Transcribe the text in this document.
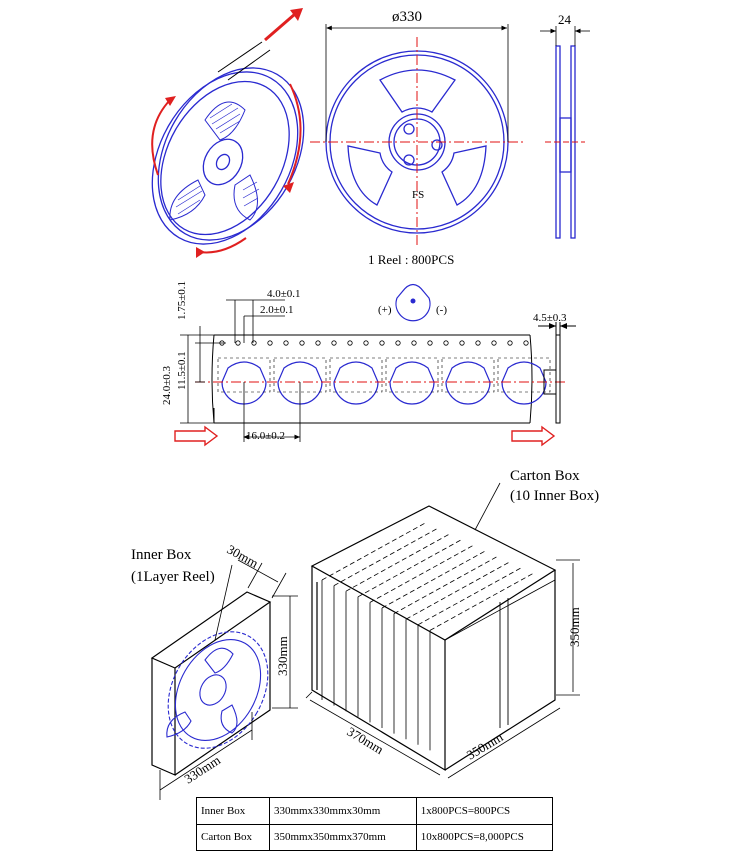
ø330
FS
24
1 Reel : 800PCS
(+)	(-)
4.5±0.3
4.0±0.1
2.0±0.1
16.0±0.2
1.75±0.1
11.5±0.1
24.0±0.3
370mm	350mm
350mm
Carton Box
(10 Inner Box)
30mm
330mm
330mm
Inner Box
(1Layer Reel)
Inner Box	330mmx330mmx30mm	1x800PCS=800PCS
Carton Box	350mmx350mmx370mm	10x800PCS=8,000PCS
